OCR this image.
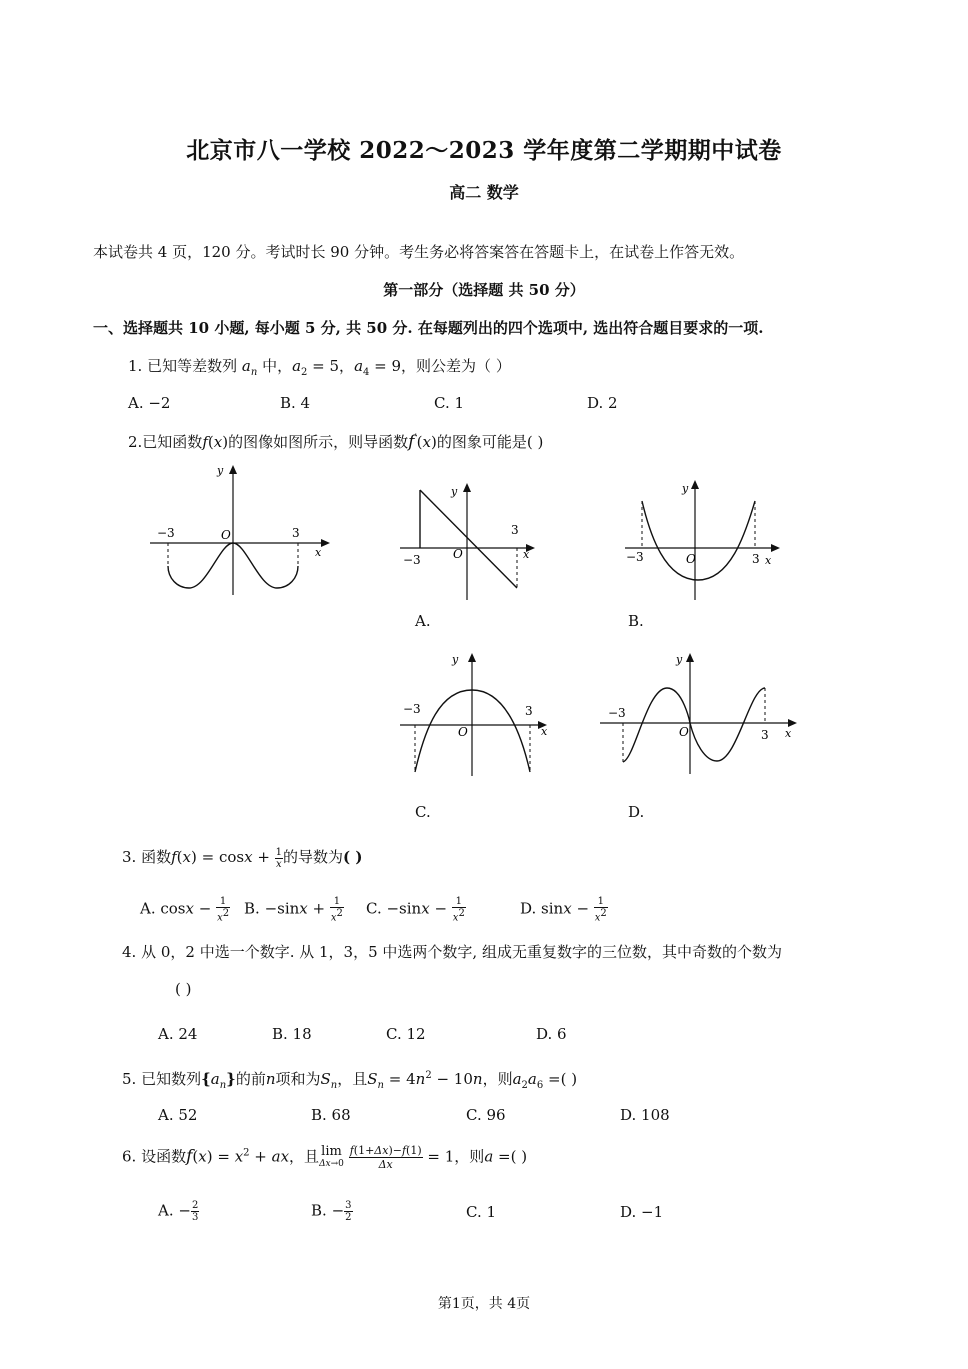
北京市八一学校 2022～2023 学年度第二学期期中试卷
高二 数学
本试卷共 4 页，120 分。考试时长 90 分钟。考生务必将答案答在答题卡上，在试卷上作答无效。
第一部分（选择题 共 50 分）
一、选择题共 10 小题, 每小题 5 分, 共 50 分. 在每题列出的四个选项中, 选出符合题目要求的一项.
1. 已知等差数列 $a_n$ 中，$a_2 = 5$，$a_4 = 9$，则公差为（ ）
A. −2	B. 4	C. 1	D. 2
2.已知函数f(x)的图像如图所示，则导函数f′(x)的图象可能是( )
−3	3
O
x
y
−3
3
O	x
y
A.
−3	3
O	x
y
B.
−3	3
O	x
y
C.
−3
3
O	x
y
D.
3. 函数$f(x) = \cos x + \frac{1}{x}$ 的导数为( )
A. $\cos x - \frac{1}{x^2} B$. $-\sin x + \frac{1}{x^2} C$. $-\sin x - \frac{1}{x^2}$	D. $\sin x - \frac{1}{x^2}$
4. 从 0，2 中选一个数字. 从 1，3，5 中选两个数字, 组成无重复数字的三位数，其中奇数的个数为
( )
A. 24	B. 18	C. 12	D. 6
5. 已知数列$\{a_n\}$的前n项和为$S_n$，且$S_n = 4n^2 - 10n$，则$a_2a_6$ =( )
A. 52	B. 68	C. 96	D. 108
6. 设函数$f(x) = x^2$ + ax，且 lim
Δx→0
$\frac{f(1+\Delta x)-f(1)}{\Delta x} = 1$，则a =( )
A. − $\frac{2}{3}$	B. − $\frac{3}{2}$	C. 1	D. −1
第1页，共 4页
